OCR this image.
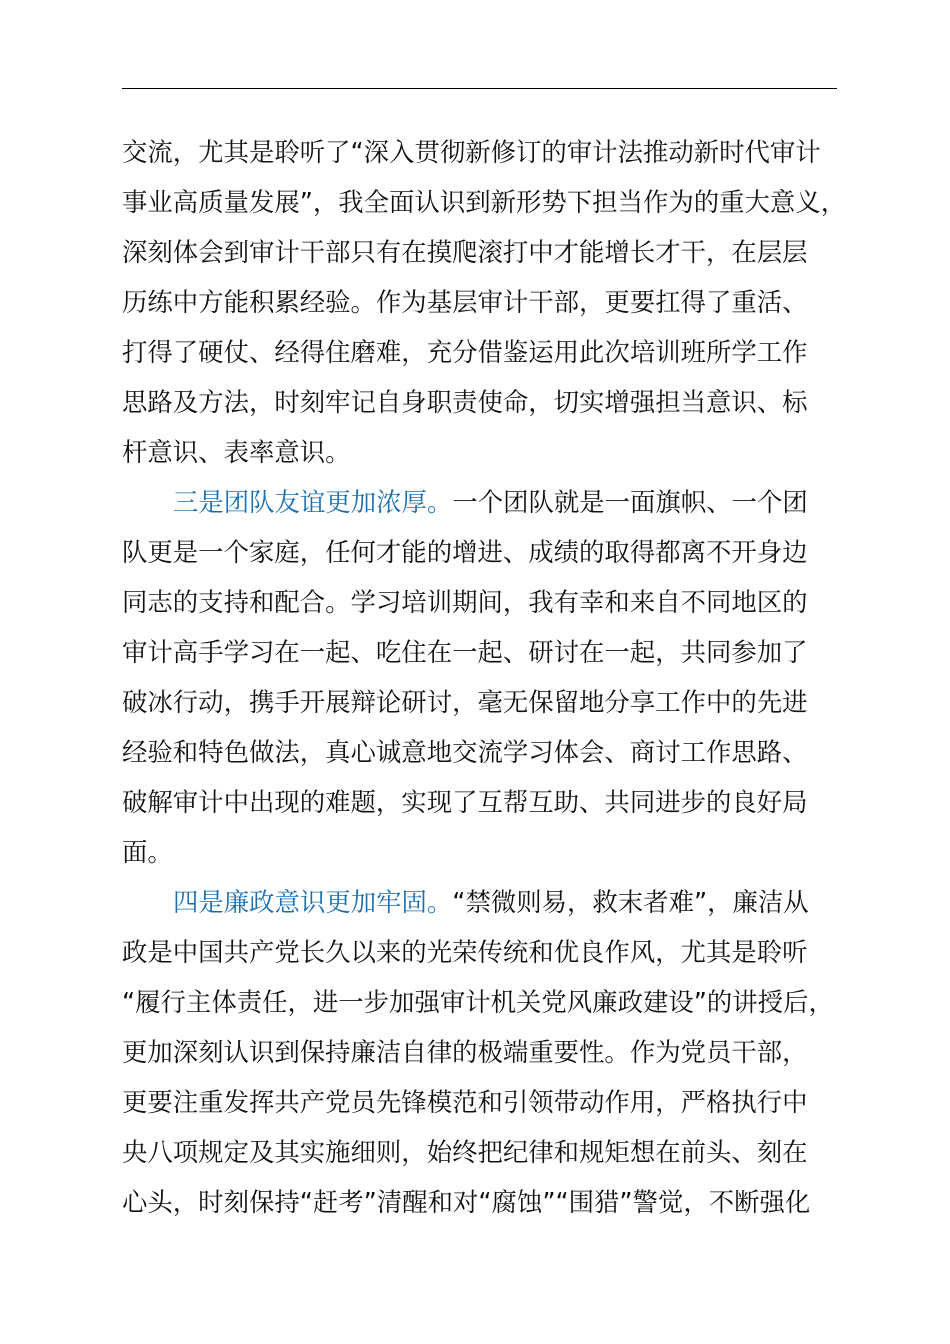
交流，尤其是聆听了“深入贯彻新修订的审计法推动新时代审计
事业高质量发展”，我全面认识到新形势下担当作为的重大意义，
深刻体会到审计干部只有在摸爬滚打中才能增长才干，在层层
历练中方能积累经验。作为基层审计干部，更要扛得了重活、
打得了硬仗、经得住磨难，充分借鉴运用此次培训班所学工作
思路及方法，时刻牢记自身职责使命，切实增强担当意识、标
杆意识、表率意识。
三是团队友谊更加浓厚。一个团队就是一面旗帜、一个团
队更是一个家庭，任何才能的增进、成绩的取得都离不开身边
同志的支持和配合。学习培训期间，我有幸和来自不同地区的
审计高手学习在一起、吃住在一起、研讨在一起，共同参加了
破冰行动，携手开展辩论研讨，毫无保留地分享工作中的先进
经验和特色做法，真心诚意地交流学习体会、商讨工作思路、
破解审计中出现的难题，实现了互帮互助、共同进步的良好局
面。
四是廉政意识更加牢固。“禁微则易，救末者难”，廉洁从
政是中国共产党长久以来的光荣传统和优良作风，尤其是聆听
“履行主体责任，进一步加强审计机关党风廉政建设”的讲授后，
更加深刻认识到保持廉洁自律的极端重要性。作为党员干部，
更要注重发挥共产党员先锋模范和引领带动作用，严格执行中
央八项规定及其实施细则，始终把纪律和规矩想在前头、刻在
心头，时刻保持“赶考”清醒和对“腐蚀”“围猎”警觉，不断强化
